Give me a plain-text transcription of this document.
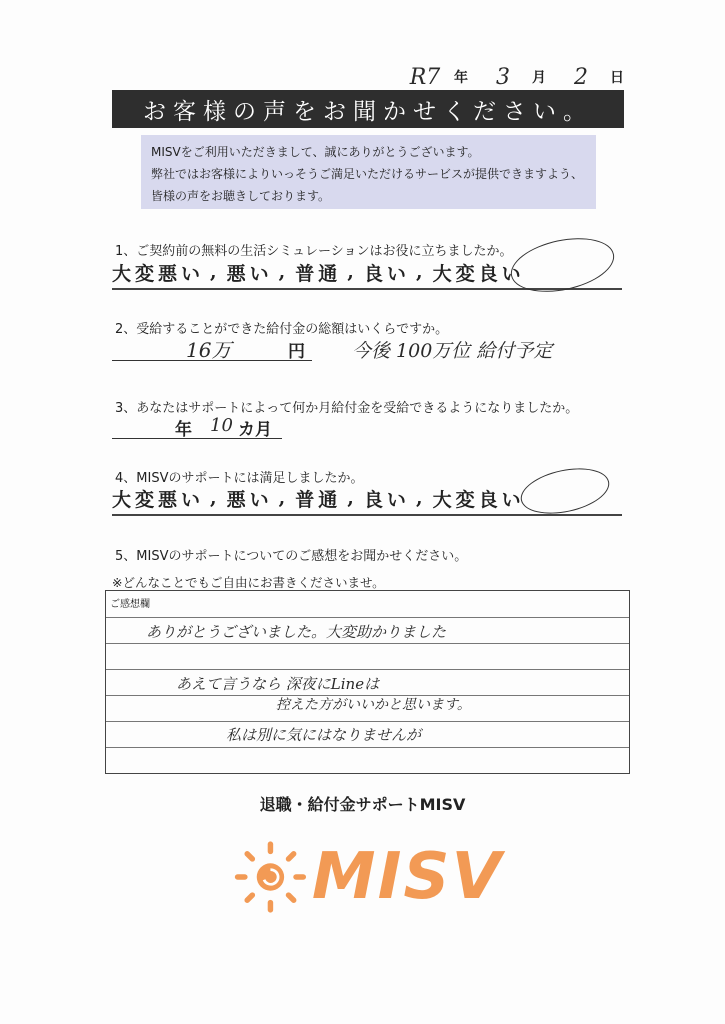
R7 年	3	月	2	日
お客様の声をお聞かせください。
MISVをご利用いただきまして、誠にありがとうございます。
弊社ではお客様によりいっそうご満足いただけるサービスが提供できますよう、
皆様の声をお聴きしております。
1、ご契約前の無料の生活シミュレーションはお役に立ちましたか。
大変悪い , 悪い , 普通 , 良い , 大変良い
2、受給することができた給付金の総額はいくらですか。
16万	円 今後 100万位 給付予定
3、あなたはサポートによって何か月給付金を受給できるようになりましたか。
年 10 カ月
4、MISVのサポートには満足しましたか。
大変悪い , 悪い , 普通 , 良い , 大変良い
5、MISVのサポートについてのご感想をお聞かせください。
※どんなことでもご自由にお書きくださいませ。
ご感想欄
ありがとうございました。大変助かりました
あえて言うなら 深夜にLineは
控えた方がいいかと思います。
私は別に気にはなりませんが
退職・給付金サポートMISV
MISV
